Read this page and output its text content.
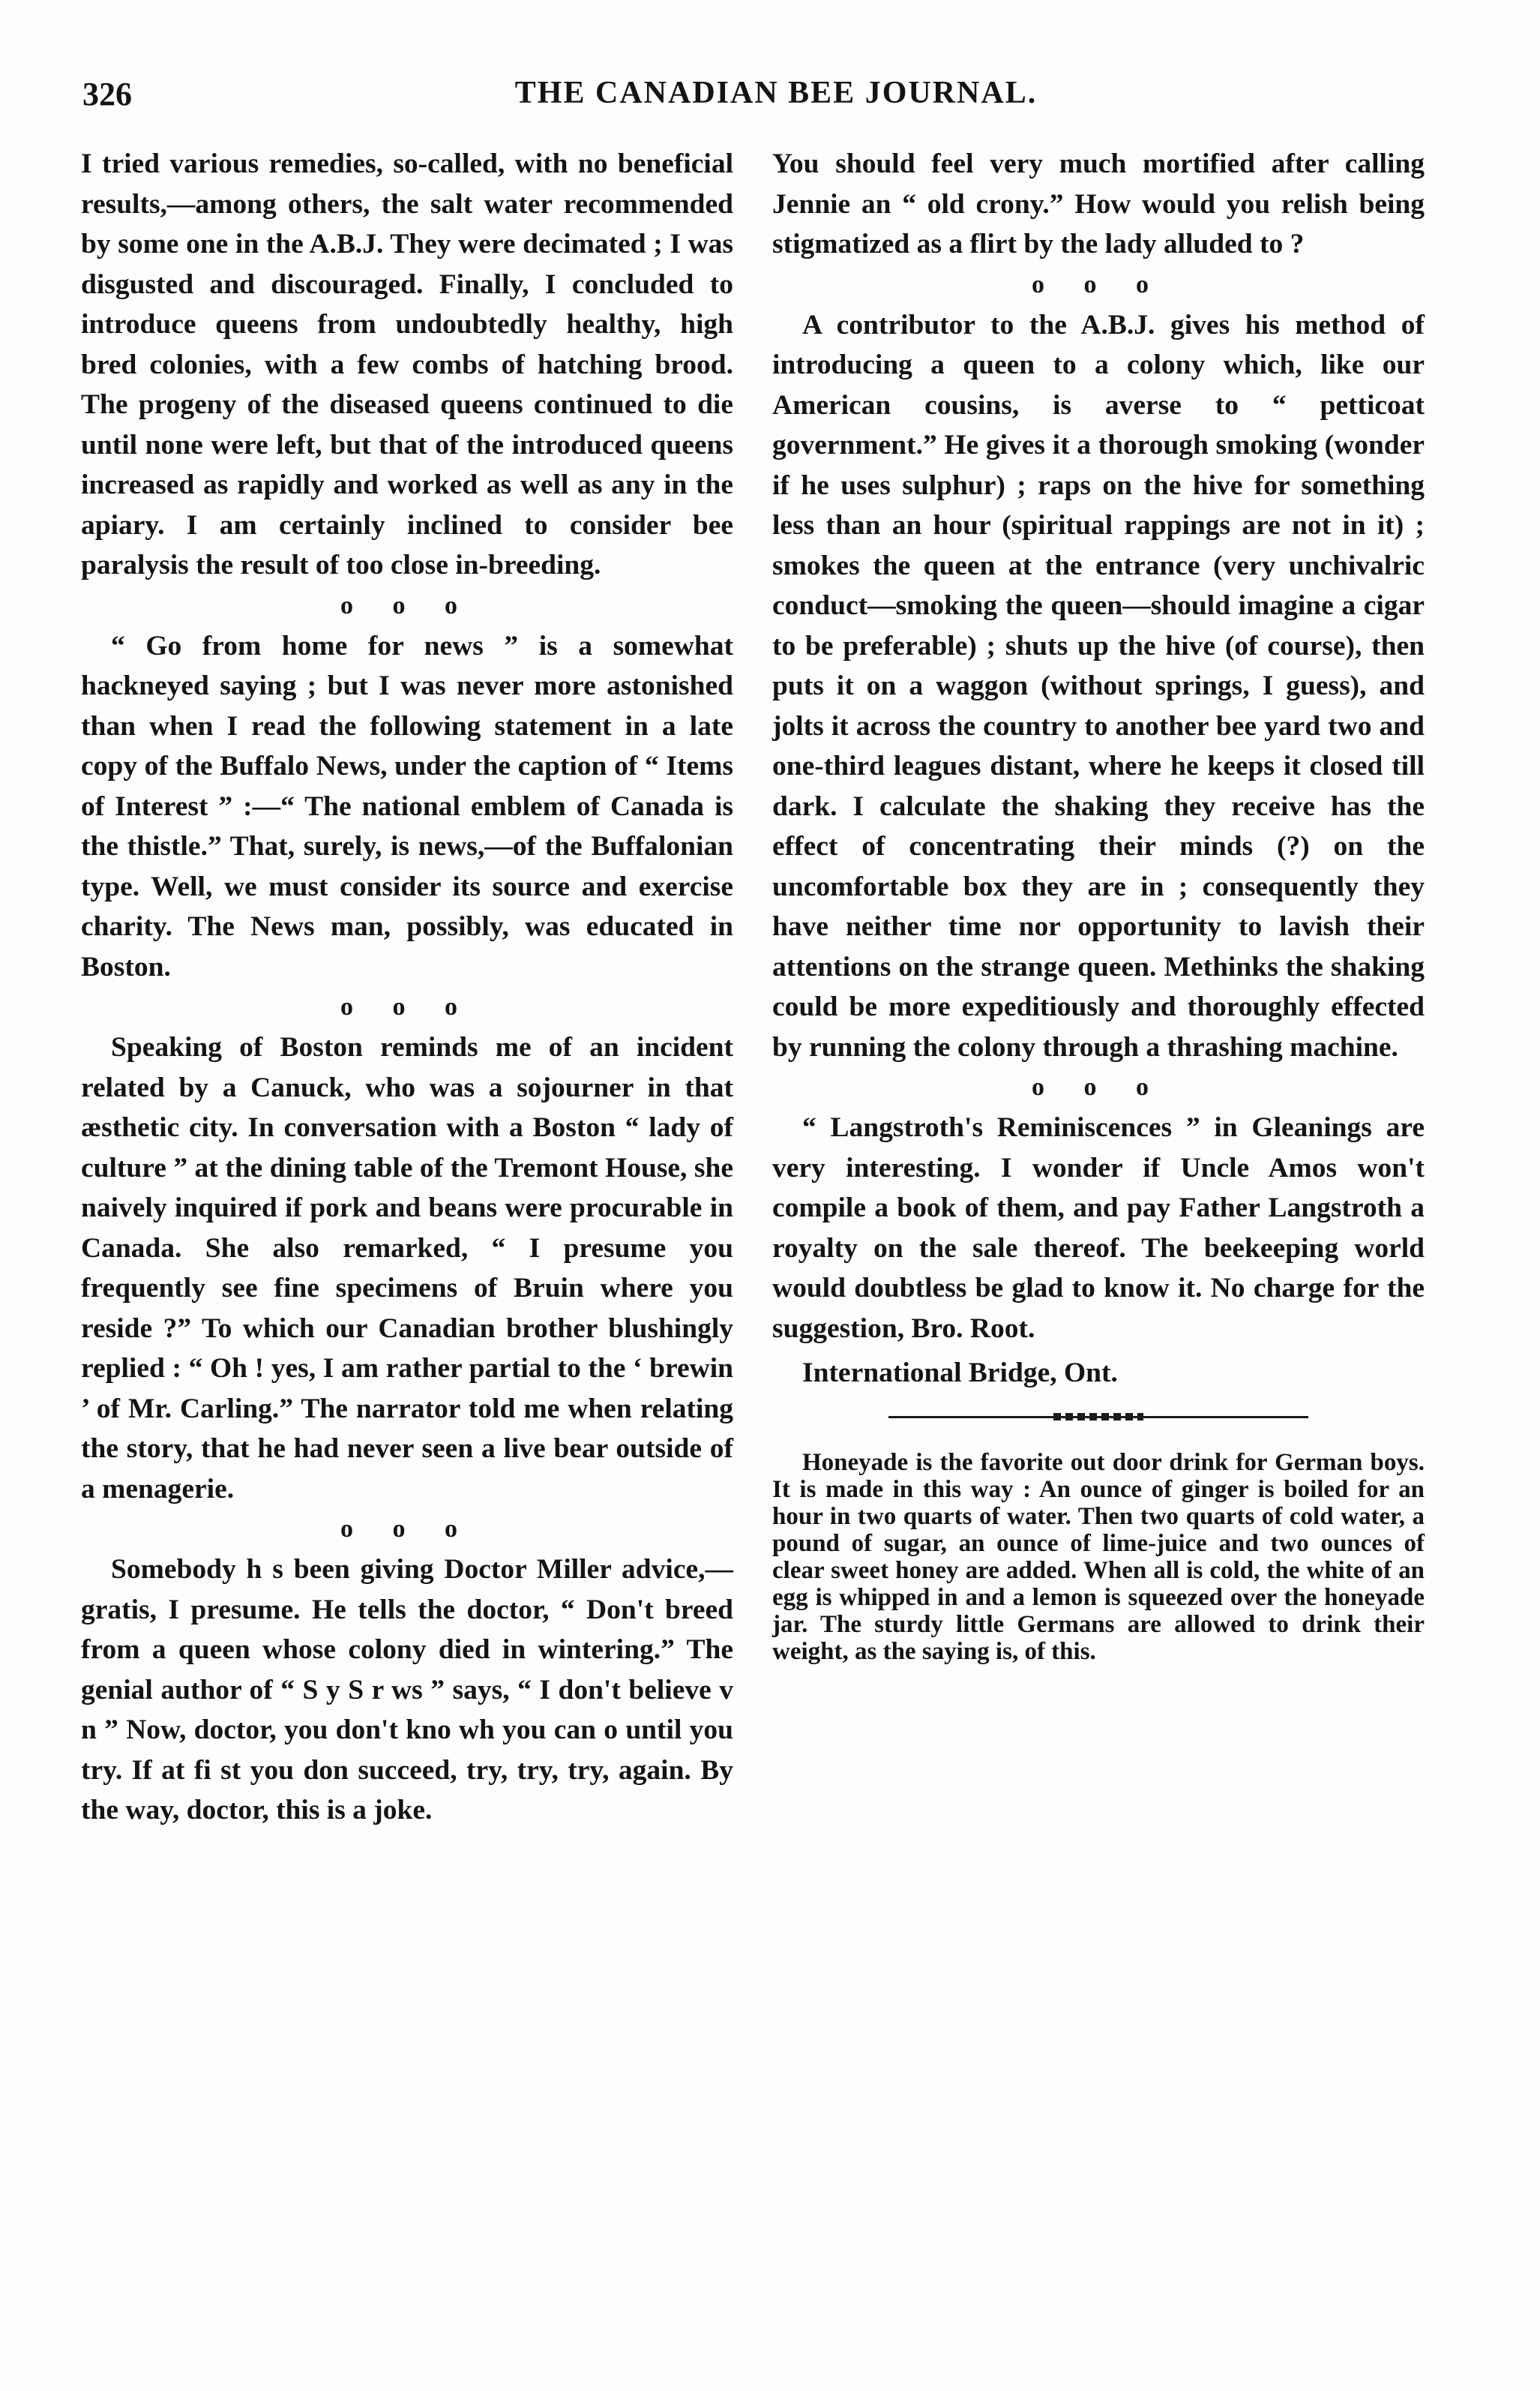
326	THE CANADIAN BEE JOURNAL.

I tried various remedies, so-called, with no beneficial results,—among others, the salt water recommended by some one in the A.B.J. They were decimated ; I was disgusted and discouraged. Finally, I concluded to introduce queens from undoubtedly healthy, high bred colonies, with a few combs of hatching brood. The progeny of the diseased queens continued to die until none were left, but that of the introduced queens increased as rapidly and worked as well as any in the apiary. I am certainly inclined to consider bee paralysis the result of too close in-breeding.

o o o

“ Go from home for news ” is a somewhat hackneyed saying ; but I was never more astonished than when I read the following statement in a late copy of the Buffalo News, under the caption of “ Items of Interest ” :—“ The national emblem of Canada is the thistle.” That, surely, is news,—of the Buffalonian type. Well, we must consider its source and exercise charity. The News man, possibly, was educated in Boston.

o o o

Speaking of Boston reminds me of an incident related by a Canuck, who was a sojourner in that æsthetic city. In conversation with a Boston “ lady of culture ” at the dining table of the Tremont House, she naively inquired if pork and beans were procurable in Canada. She also remarked, “ I presume you frequently see fine specimens of Bruin where you reside ?” To which our Canadian brother blushingly replied : “ Oh ! yes, I am rather partial to the ‘ brewin ’ of Mr. Carling.” The narrator told me when relating the story, that he had never seen a live bear outside of a menagerie.

o o o

Somebody h s been giving Doctor Miller advice,—gratis, I presume. He tells the doctor, “ Don't breed from a queen whose colony died in wintering.” The genial author of “ S y S r ws ” says, “ I don't believe v n ” Now, doctor, you don't kno wh you can o until you try. If at fi st you don succeed, try, try, try, again. By the way, doctor, this is a joke.

You should feel very much mortified after calling Jennie an “ old crony.” How would you relish being stigmatized as a flirt by the lady alluded to ?

o o o

A contributor to the A.B.J. gives his method of introducing a queen to a colony which, like our American cousins, is averse to “ petticoat government.” He gives it a thorough smoking (wonder if he uses sulphur) ; raps on the hive for something less than an hour (spiritual rappings are not in it) ; smokes the queen at the entrance (very unchivalric conduct—smoking the queen—should imagine a cigar to be preferable) ; shuts up the hive (of course), then puts it on a waggon (without springs, I guess), and jolts it across the country to another bee yard two and one-third leagues distant, where he keeps it closed till dark. I calculate the shaking they receive has the effect of concentrating their minds (?) on the uncomfortable box they are in ; consequently they have neither time nor opportunity to lavish their attentions on the strange queen. Methinks the shaking could be more expeditiously and thoroughly effected by running the colony through a thrashing machine.

o o o

“ Langstroth's Reminiscences ” in Gleanings are very interesting. I wonder if Uncle Amos won't compile a book of them, and pay Father Langstroth a royalty on the sale thereof. The beekeeping world would doubtless be glad to know it. No charge for the suggestion, Bro. Root.

International Bridge, Ont.

Honeyade is the favorite out door drink for German boys. It is made in this way : An ounce of ginger is boiled for an hour in two quarts of water. Then two quarts of cold water, a pound of sugar, an ounce of lime-juice and two ounces of clear sweet honey are added. When all is cold, the white of an egg is whipped in and a lemon is squeezed over the honeyade jar. The sturdy little Germans are allowed to drink their weight, as the saying is, of this.
